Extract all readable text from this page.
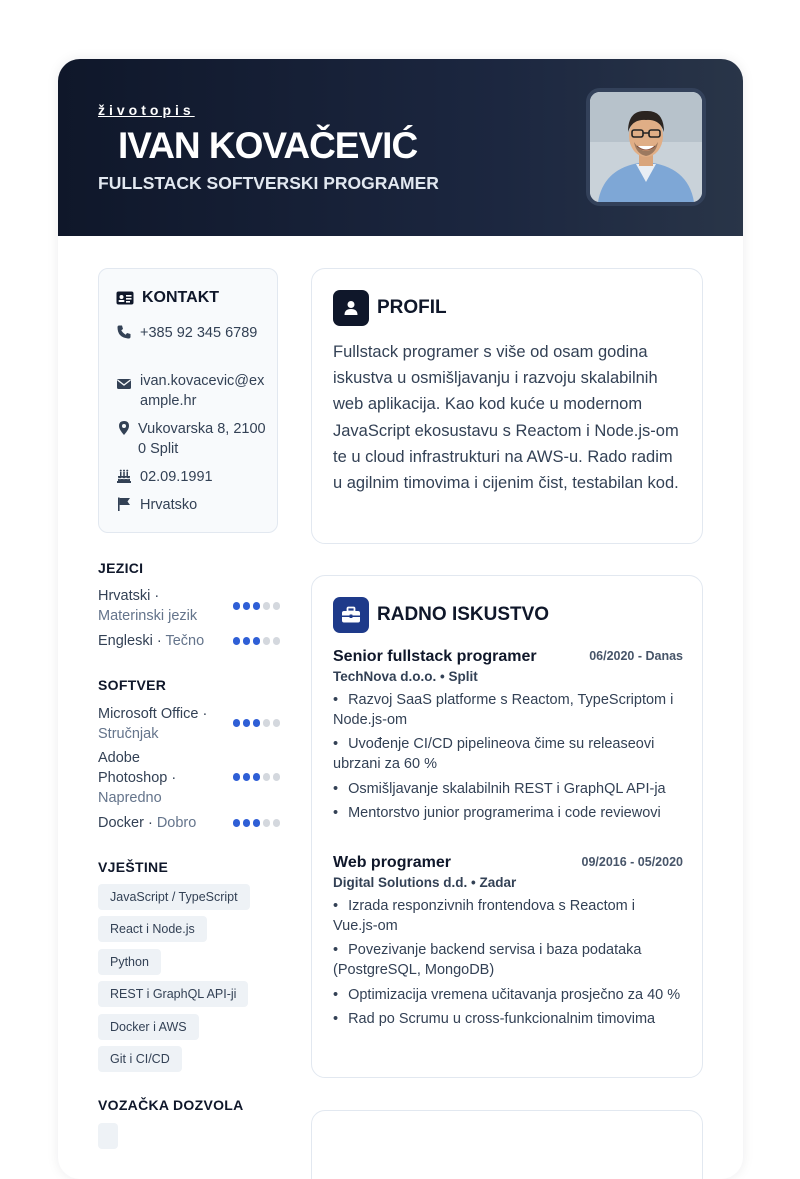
životopis
IVAN KOVAČEVIĆ
FULLSTACK SOFTVERSKI PROGRAMER
KONTAKT
+385 92 345 6789
ivan.kovacevic@example.hr
Vukovarska 8, 21000 Split
02.09.1991
Hrvatsko
JEZICI
Hrvatski · Materinski jezik
Engleski · Tečno
SOFTVER
Microsoft Office · Stručnjak
Adobe Photoshop · Napredno
Docker · Dobro
VJEŠTINE
JavaScript / TypeScript
React i Node.js
Python
REST i GraphQL API-ji
Docker i AWS
Git i CI/CD
VOZAČKA DOZVOLA
PROFIL
Fullstack programer s više od osam godina iskustva u osmišljavanju i razvoju skalabilnih web aplikacija. Kao kod kuće u modernom JavaScript ekosustavu s Reactom i Node.js-om te u cloud infrastrukturi na AWS-u. Rado radim u agilnim timovima i cijenim čist, testabilan kod.
RADNO ISKUSTVO
Senior fullstack programer	06/2020 - Danas
TechNova d.o.o. • Split
• Razvoj SaaS platforme s Reactom, TypeScriptom i Node.js-om
• Uvođenje CI/CD pipelineova čime su releaseovi ubrzani za 60 %
• Osmišljavanje skalabilnih REST i GraphQL API-ja
• Mentorstvo junior programerima i code reviewovi
Web programer	09/2016 - 05/2020
Digital Solutions d.d. • Zadar
• Izrada responzivnih frontendova s Reactom i Vue.js-om
• Povezivanje backend servisa i baza podataka (PostgreSQL, MongoDB)
• Optimizacija vremena učitavanja prosječno za 40 %
• Rad po Scrumu u cross-funkcionalnim timovima
